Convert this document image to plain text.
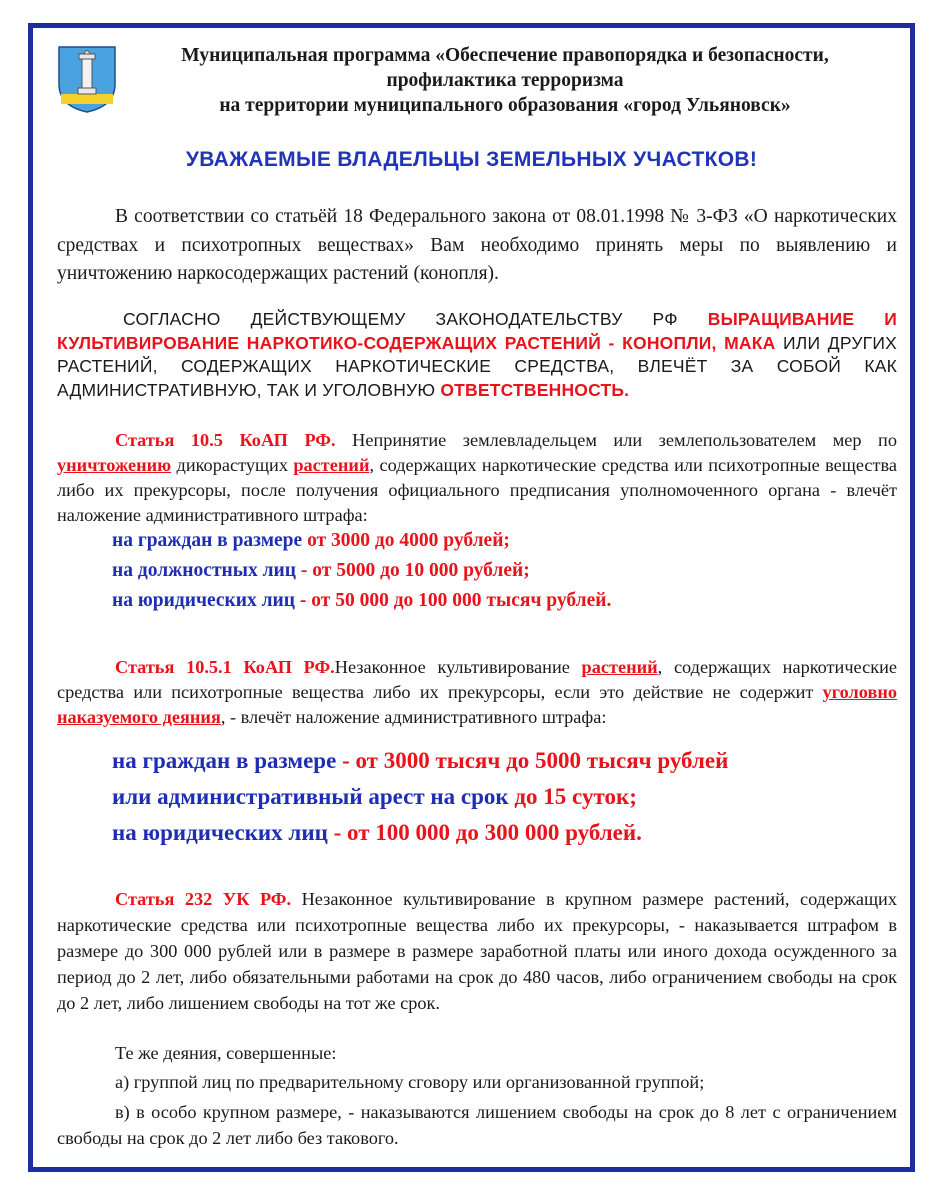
Муниципальная программа «Обеспечение правопорядка и безопасности,
профилактика терроризма
на территории муниципального образования «город Ульяновск»
УВАЖАЕМЫЕ ВЛАДЕЛЬЦЫ ЗЕМЕЛЬНЫХ УЧАСТКОВ!
В соответствии со статьёй 18 Федерального закона от 08.01.1998 № 3-ФЗ «О наркотических средствах и психотропных веществах» Вам необходимо принять меры по выявлению и уничтожению наркосодержащих растений (конопля).
СОГЛАСНО ДЕЙСТВУЮЩЕМУ ЗАКОНОДАТЕЛЬСТВУ РФ ВЫРАЩИВАНИЕ И КУЛЬТИВИРОВАНИЕ НАРКОТИКО-СОДЕРЖАЩИХ РАСТЕНИЙ - КОНОПЛИ, МАКА ИЛИ ДРУГИХ РАСТЕНИЙ, СОДЕРЖАЩИХ НАРКОТИЧЕСКИЕ СРЕДСТВА, ВЛЕЧЁТ ЗА СОБОЙ КАК АДМИНИСТРАТИВНУЮ, ТАК И УГОЛОВНУЮ ОТВЕТСТВЕННОСТЬ.
Статья 10.5 КоАП РФ. Непринятие землевладельцем или землепользователем мер по уничтожению дикорастущих растений, содержащих наркотические средства или психотропные вещества либо их прекурсоры, после получения официального предписания уполномоченного органа - влечёт наложение административного штрафа:
на граждан в размере от 3000 до 4000 рублей;
на должностных лиц - от 5000 до 10 000 рублей;
на юридических лиц - от 50 000 до 100 000 тысяч рублей.
Статья 10.5.1 КоАП РФ.Незаконное культивирование растений, содержащих наркотические средства или психотропные вещества либо их прекурсоры, если это действие не содержит уголовно наказуемого деяния, - влечёт наложение административного штрафа:
на граждан в размере - от 3000 тысяч до 5000 тысяч рублей
или административный арест на срок до 15 суток;
на юридических лиц - от 100 000 до 300 000 рублей.
Статья 232 УК РФ. Незаконное культивирование в крупном размере растений, содержащих наркотические средства или психотропные вещества либо их прекурсоры, - наказывается штрафом в размере до 300 000 рублей или в размере в размере заработной платы или иного дохода осужденного за период до 2 лет, либо обязательными работами на срок до 480 часов, либо ограничением свободы на срок до 2 лет, либо лишением свободы на тот же срок.
Те же деяния, совершенные:
а) группой лиц по предварительному сговору или организованной группой;
в) в особо крупном размере, - наказываются лишением свободы на срок до 8 лет с ограничением свободы на срок до 2 лет либо без такового.
